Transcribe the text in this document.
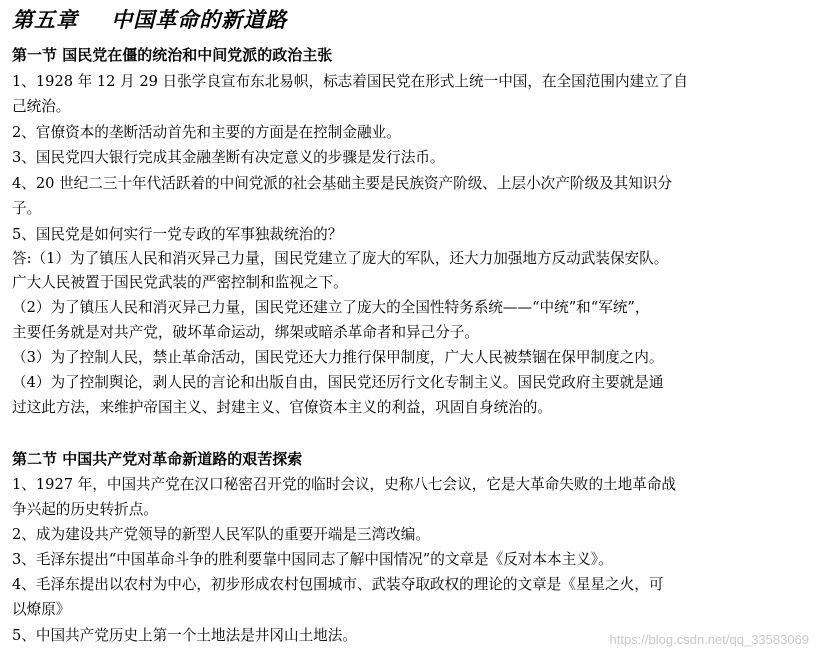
第五章    中国革命的新道路
第一节 国民党在僵的统治和中间党派的政治主张
1、1928 年 12 月 29 日张学良宣布东北易帜，标志着国民党在形式上统一中国，在全国范围内建立了自
己统治。
2、官僚资本的垄断活动首先和主要的方面是在控制金融业。
3、国民党四大银行完成其金融垄断有决定意义的步骤是发行法币。
4、20 世纪二三十年代活跃着的中间党派的社会基础主要是民族资产阶级、上层小次产阶级及其知识分
子。
5、国民党是如何实行一党专政的军事独裁统治的？
答:（1）为了镇压人民和消灭异己力量，国民党建立了庞大的军队，还大力加强地方反动武装保安队。
广大人民被置于国民党武装的严密控制和监视之下。
（2）为了镇压人民和消灭异己力量，国民党还建立了庞大的全国性特务系统——“中统”和“军统”，
主要任务就是对共产党，破坏革命运动，绑架或暗杀革命者和异己分子。
（3）为了控制人民，禁止革命活动，国民党还大力推行保甲制度，广大人民被禁锢在保甲制度之内。
（4）为了控制舆论，剥人民的言论和出版自由，国民党还厉行文化专制主义。国民党政府主要就是通
过这此方法，来维护帝国主义、封建主义、官僚资本主义的利益，巩固自身统治的。
第二节 中国共产党对革命新道路的艰苦探索
1、1927 年，中国共产党在汉口秘密召开党的临时会议，史称八七会议，它是大革命失败的土地革命战
争兴起的历史转折点。
2、成为建设共产党领导的新型人民军队的重要开端是三湾改编。
3、毛泽东提出“中国革命斗争的胜利要靠中国同志了解中国情况”的文章是《反对本本主义》。
4、毛泽东提出以农村为中心，初步形成农村包围城市、武装夺取政权的理论的文章是《星星之火，可
以燎原》
5、中国共产党历史上第一个土地法是井冈山土地法。	https://blog.csdn.net/qq_33583069
